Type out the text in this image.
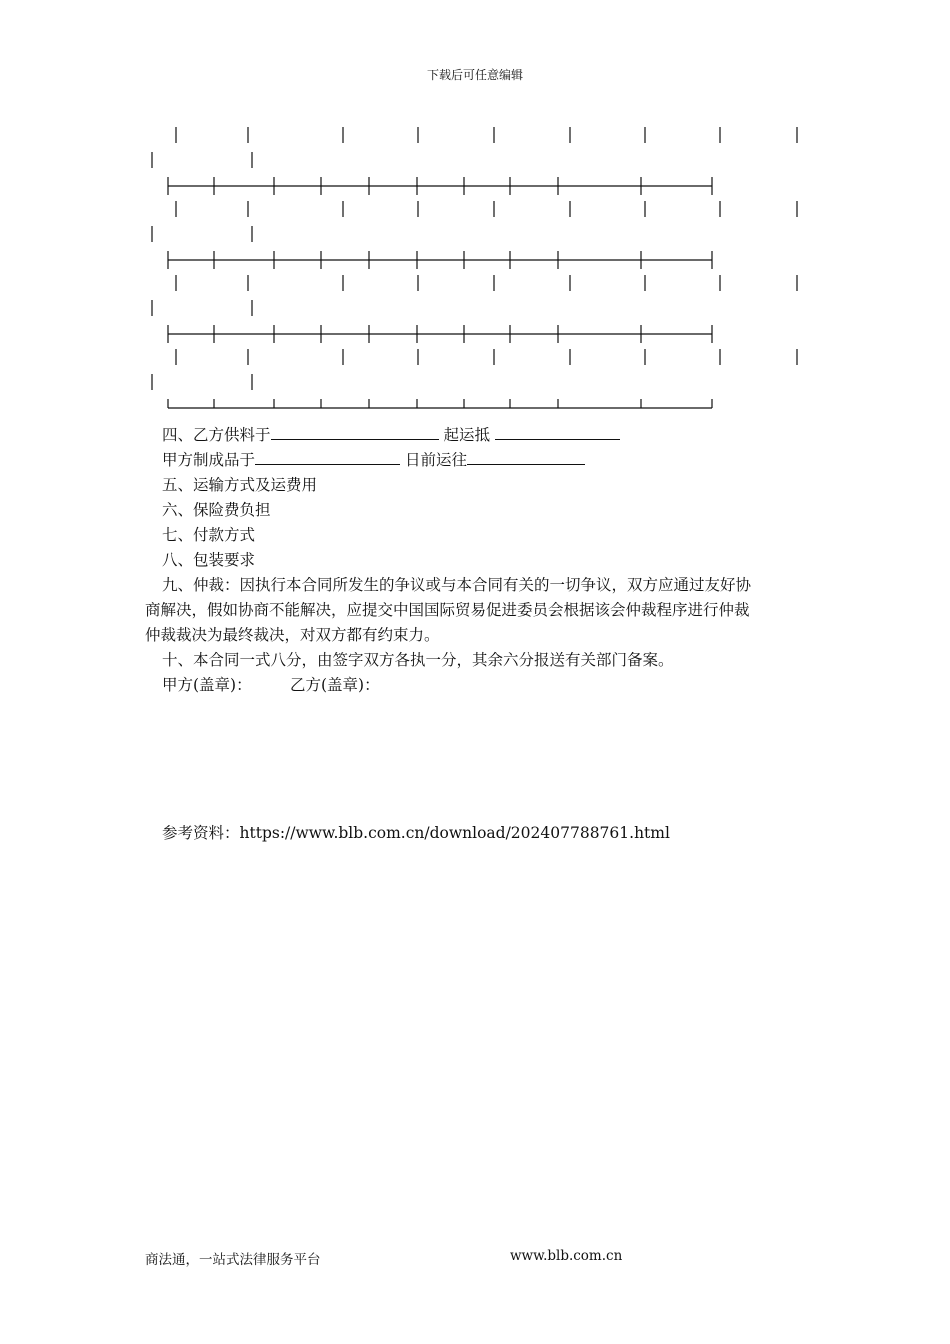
下载后可任意编辑
四、乙方供料于	起运抵
甲方制成品于	日前运往
五、运输方式及运费用
六、保险费负担
七、付款方式
八、包装要求
九、仲裁：因执行本合同所发生的争议或与本合同有关的一切争议，双方应通过友好协
商解决，假如协商不能解决，应提交中国国际贸易促进委员会根据该会仲裁程序进行仲裁
仲裁裁决为最终裁决，对双方都有约束力。
十、本合同一式八分，由签字双方各执一分，其余六分报送有关部门备案。
甲方(盖章)： 乙方(盖章)：
参考资料：https://www.blb.com.cn/download/202407788761.html
商法通，一站式法律服务平台	www.blb.com.cn
